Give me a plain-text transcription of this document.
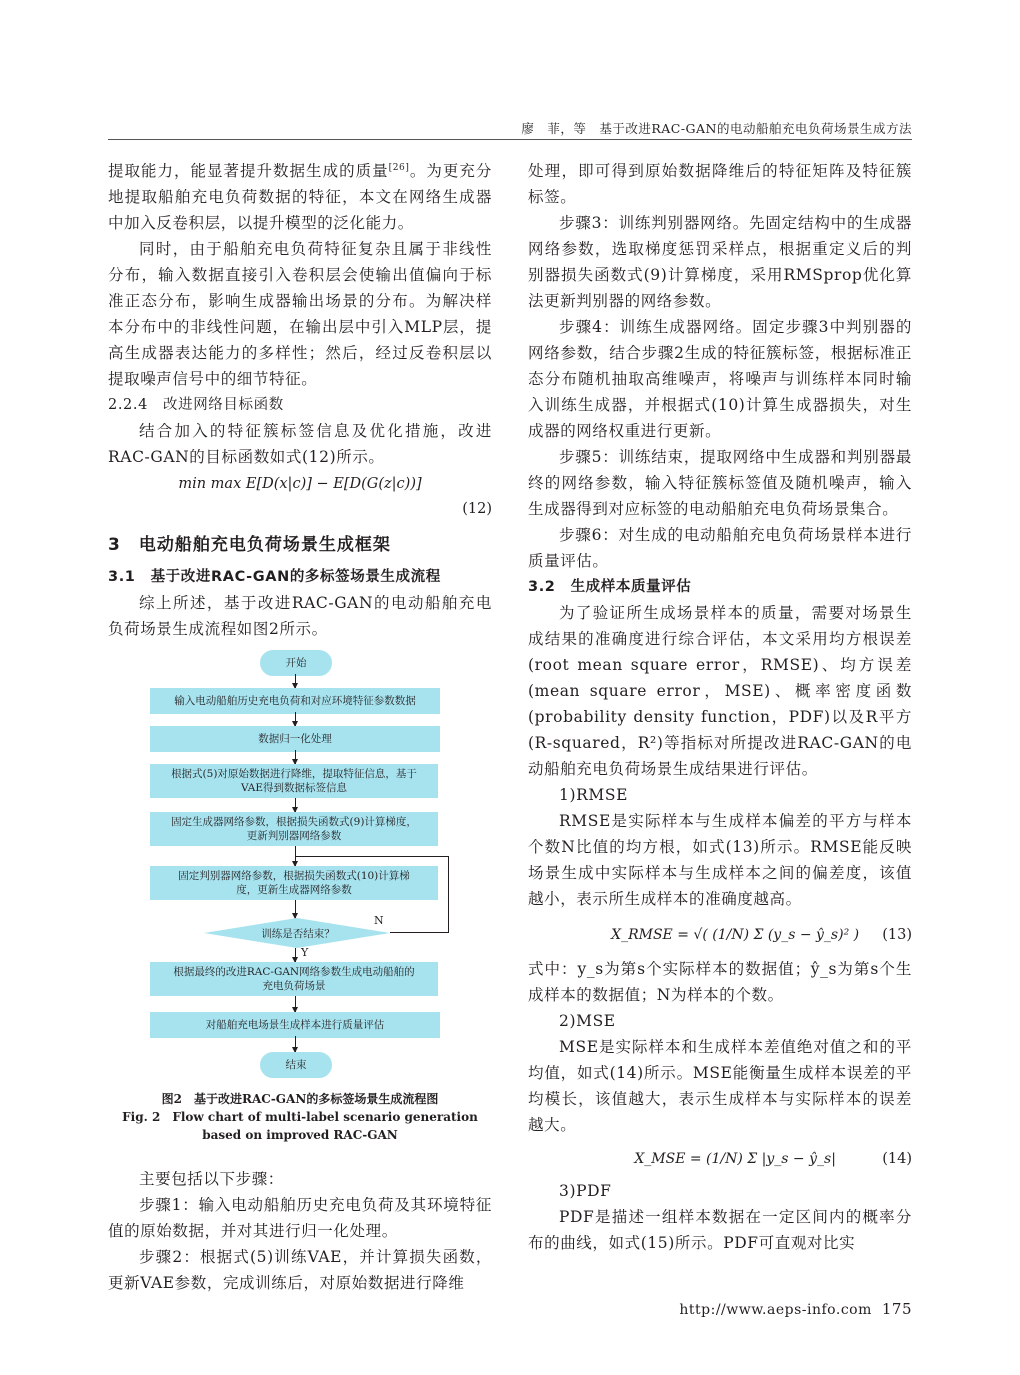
廖　菲，等　基于改进RAC-GAN的电动船舶充电负荷场景生成方法

提取能力，能显著提升数据生成的质量[26]。为更充分地提取船舶充电负荷数据的特征，本文在网络生成器中加入反卷积层，以提升模型的泛化能力。

同时，由于船舶充电负荷特征复杂且属于非线性分布，输入数据直接引入卷积层会使输出值偏向于标准正态分布，影响生成器输出场景的分布。为解决样本分布中的非线性问题，在输出层中引入MLP层，提高生成器表达能力的多样性；然后，经过反卷积层以提取噪声信号中的细节特征。

2.2.4　改进网络目标函数

结合加入的特征簇标签信息及优化措施，改进RAC-GAN的目标函数如式(12)所示。

min max E[D(x|c)] − E[D(G(z|c))]

(12)

3　电动船舶充电负荷场景生成框架

3.1　基于改进RAC-GAN的多标签场景生成流程

综上所述，基于改进RAC-GAN的电动船舶充电负荷场景生成流程如图2所示。

开始
输入电动船舶历史充电负荷和对应环境特征参数数据
数据归一化处理
根据式(5)对原始数据进行降维，提取特征信息，基于VAE得到数据标签信息
固定生成器网络参数，根据损失函数式(9)计算梯度，更新判别器网络参数
固定判别器网络参数，根据损失函数式(10)计算梯度，更新生成器网络参数
训练是否结束？
N
Y
根据最终的改进RAC-GAN网络参数生成电动船舶的充电负荷场景
对船舶充电场景生成样本进行质量评估
结束

图2　基于改进RAC-GAN的多标签场景生成流程图

Fig. 2　Flow chart of multi-label scenario generation

based on improved RAC-GAN

主要包括以下步骤：

步骤1：输入电动船舶历史充电负荷及其环境特征值的原始数据，并对其进行归一化处理。

步骤2：根据式(5)训练VAE，并计算损失函数，更新VAE参数，完成训练后，对原始数据进行降维

处理，即可得到原始数据降维后的特征矩阵及特征簇标签。

步骤3：训练判别器网络。先固定结构中的生成器网络参数，选取梯度惩罚采样点，根据重定义后的判别器损失函数式(9)计算梯度，采用RMSprop优化算法更新判别器的网络参数。

步骤4：训练生成器网络。固定步骤3中判别器的网络参数，结合步骤2生成的特征簇标签，根据标准正态分布随机抽取高维噪声，将噪声与训练样本同时输入训练生成器，并根据式(10)计算生成器损失，对生成器的网络权重进行更新。

步骤5：训练结束，提取网络中生成器和判别器最终的网络参数，输入特征簇标签值及随机噪声，输入生成器得到对应标签的电动船舶充电负荷场景集合。

步骤6：对生成的电动船舶充电负荷场景样本进行质量评估。

3.2　生成样本质量评估

为了验证所生成场景样本的质量，需要对场景生成结果的准确度进行综合评估，本文采用均方根误差(root mean square error，RMSE)、均方误差(mean square error，MSE)、概率密度函数(probability density function，PDF)以及R平方(R-squared，R²)等指标对所提改进RAC-GAN的电动船舶充电负荷场景生成结果进行评估。

1)RMSE

RMSE是实际样本与生成样本偏差的平方与样本个数N比值的均方根，如式(13)所示。RMSE能反映场景生成中实际样本与生成样本之间的偏差度，该值越小，表示所生成样本的准确度越高。

X_RMSE = √( (1/N) Σ (y_s − ŷ_s)² ) (13)

式中：y_s为第s个实际样本的数据值；ŷ_s为第s个生成样本的数据值；N为样本的个数。

2)MSE

MSE是实际样本和生成样本差值绝对值之和的平均值，如式(14)所示。MSE能衡量生成样本误差的平均模长，该值越大，表示生成样本与实际样本的误差越大。

X_MSE = (1/N) Σ |y_s − ŷ_s|	(14)

3)PDF

PDF是描述一组样本数据在一定区间内的概率分布的曲线，如式(15)所示。PDF可直观对比实

http://www.aeps-info.com 175
